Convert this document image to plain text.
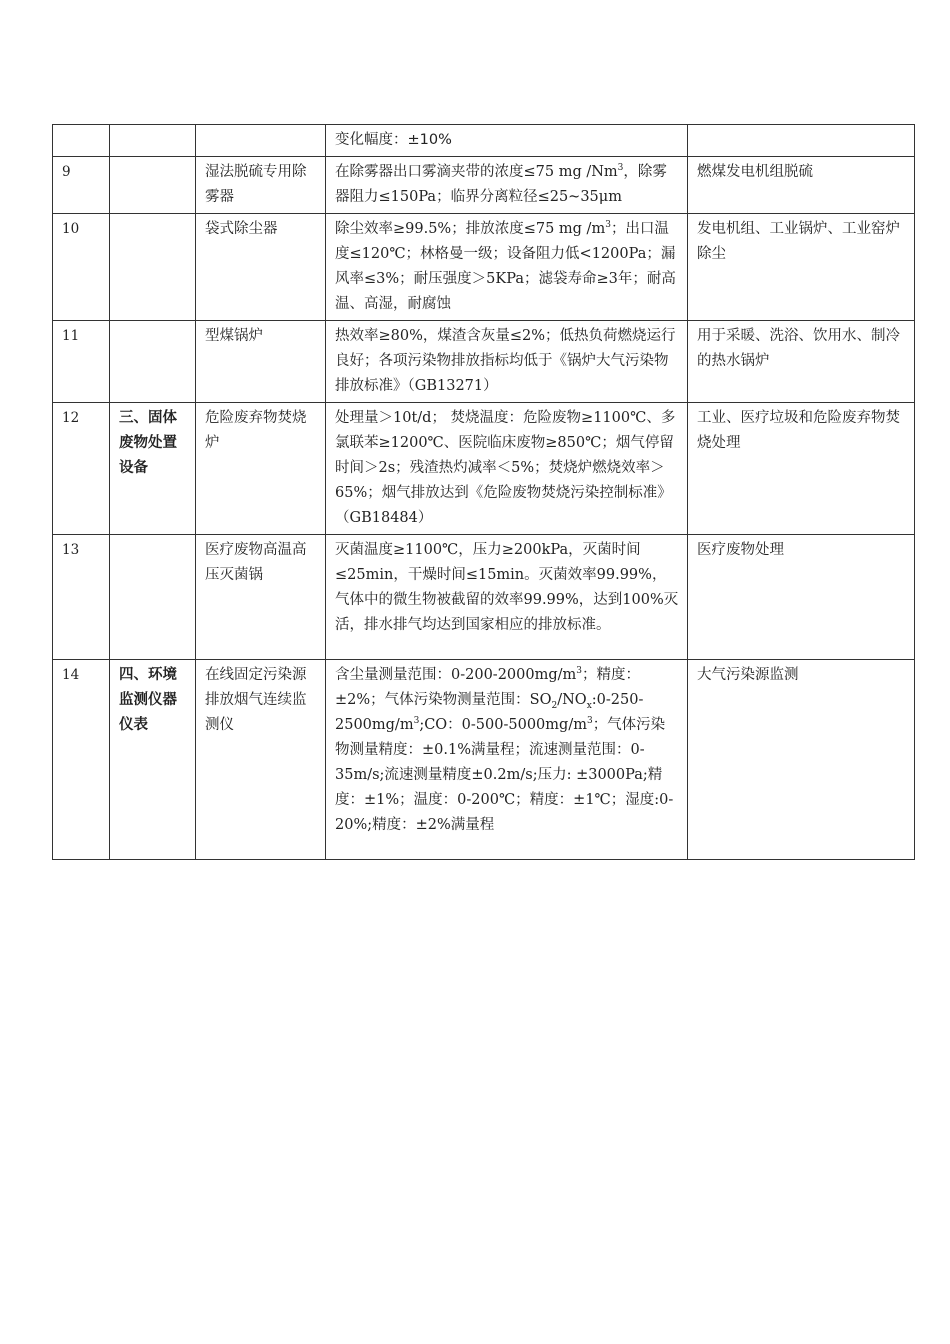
			变化幅度：±10%	
9		湿法脱硫专用除雾器	在除雾器出口雾滴夹带的浓度≤75 mg /Nm$^3$，除雾器阻力≤150Pa；临界分离粒径≤25~35μm	燃煤发电机组脱硫
10		袋式除尘器	除尘效率≥99.5%；排放浓度≤75 mg $/m^3$；出口温度≤120℃；林格曼一级；设备阻力低<1200Pa；漏风率≤3%；耐压强度＞5KPa；滤袋寿命≥3年；耐高温、高湿，耐腐蚀	发电机组、工业锅炉、工业窑炉除尘
11		型煤锅炉	热效率≥80%，煤渣含灰量≤2%；低热负荷燃烧运行良好；各项污染物排放指标均低于《锅炉大气污染物排放标准》（GB13271）	用于采暖、洗浴、饮用水、制冷的热水锅炉
12	三、固体废物处置设备	危险废弃物焚烧炉	处理量＞10t/d； 焚烧温度：危险废物≥1100℃、多氯联苯≥1200℃、医院临床废物≥850℃；烟气停留时间＞2s；残渣热灼减率＜5%；焚烧炉燃烧效率＞65%；烟气排放达到《危险废物焚烧污染控制标准》（GB18484）	工业、医疗垃圾和危险废弃物焚烧处理
13		医疗废物高温高压灭菌锅	灭菌温度≥1100℃，压力≥200kPa，灭菌时间≤25min，干燥时间≤15min。灭菌效率99.99%，气体中的微生物被截留的效率99.99%，达到100%灭活，排水排气均达到国家相应的排放标准。	医疗废物处理
14	四、环境监测仪器仪表	在线固定污染源排放烟气连续监测仪	含尘量测量范围：$0-200-2000mg/m^3$；精度：±2%；气体污染物测量范围：$SO_2/NO_x:0-250-2500mg/m^3;CO$：$0-500-5000mg/m^3$；气体污染物测量精度：±0.1%满量程；流速测量范围：0-35m/s;流速测量精度±0.2m/s;压力: ±3000Pa;精度：±1%；温度：0-200℃；精度：±1℃；湿度:0-20%;精度：±2%满量程	大气污染源监测
